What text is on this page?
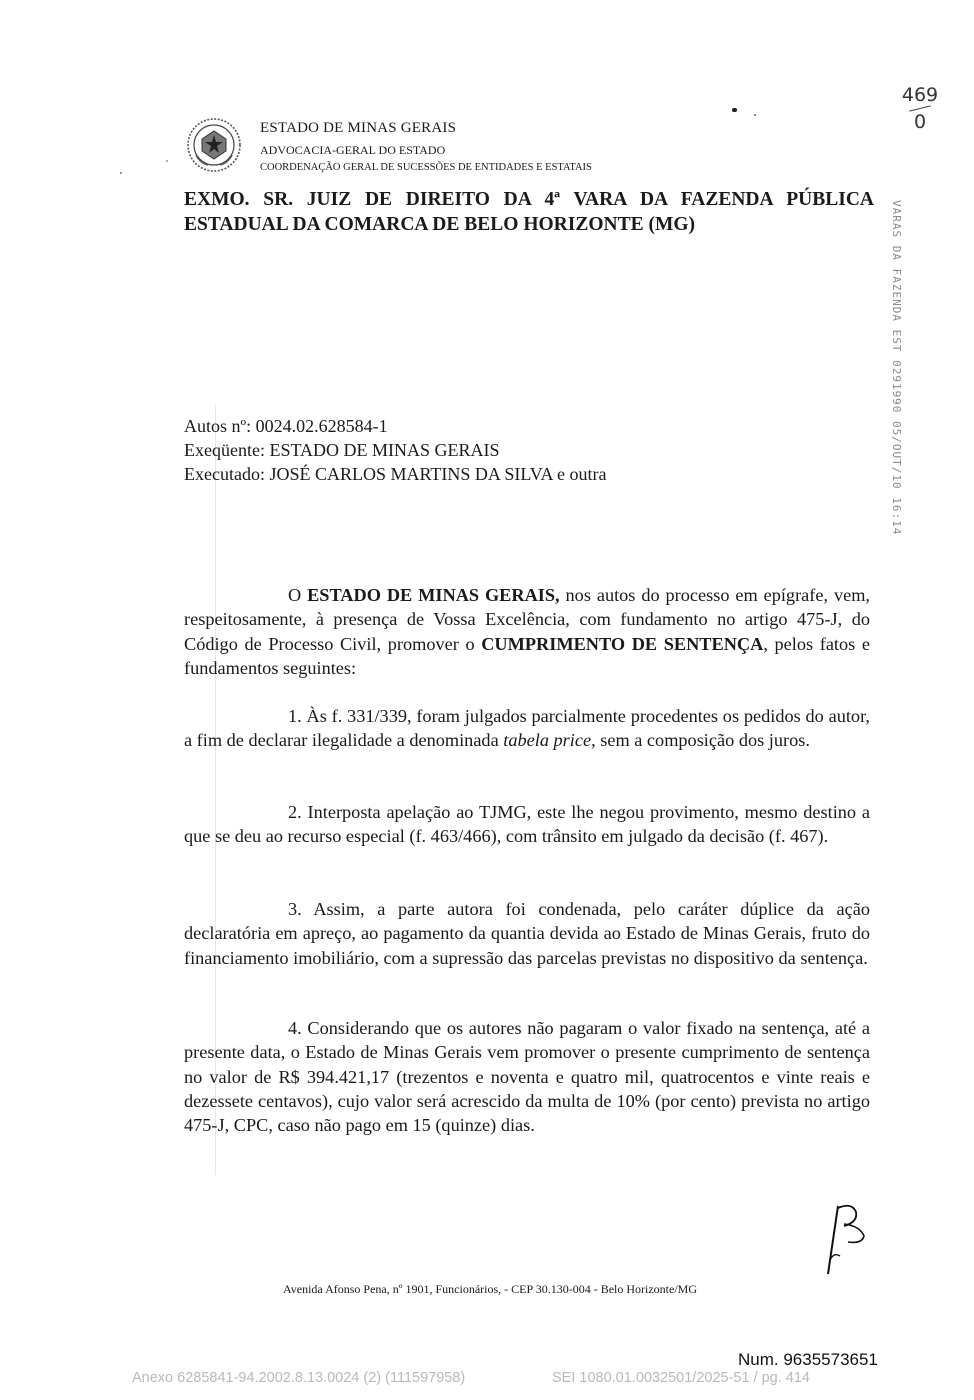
ESTADO DE MINAS GERAIS
ADVOCACIA-GERAL DO ESTADO
COORDENAÇÃO GERAL DE SUCESSÕES DE ENTIDADES E ESTATAIS
469
0
EXMO. SR. JUIZ DE DIREITO DA 4ª VARA DA FAZENDA PÚBLICA
ESTADUAL DA COMARCA DE BELO HORIZONTE (MG)	VARAS DA FAZENDA EST 0291990 05/OUT/10 16:14
Autos nº: 0024.02.628584-1
Exeqüente: ESTADO DE MINAS GERAIS
Executado: JOSÉ CARLOS MARTINS DA SILVA e outra
O ESTADO DE MINAS GERAIS, nos autos do processo em epígrafe, vem, respeitosamente, à presença de Vossa Excelência, com fundamento no artigo 475-J, do Código de Processo Civil, promover o CUMPRIMENTO DE SENTENÇA, pelos fatos e fundamentos seguintes:
1. Às f. 331/339, foram julgados parcialmente procedentes os pedidos do autor, a fim de declarar ilegalidade a denominada tabela price, sem a composição dos juros.
2. Interposta apelação ao TJMG, este lhe negou provimento, mesmo destino a que se deu ao recurso especial (f. 463/466), com trânsito em julgado da decisão (f. 467).
3. Assim, a parte autora foi condenada, pelo caráter dúplice da ação declaratória em apreço, ao pagamento da quantia devida ao Estado de Minas Gerais, fruto do financiamento imobiliário, com a supressão das parcelas previstas no dispositivo da sentença.
4. Considerando que os autores não pagaram o valor fixado na sentença, até a presente data, o Estado de Minas Gerais vem promover o presente cumprimento de sentença no valor de R$ 394.421,17 (trezentos e noventa e quatro mil, quatrocentos e vinte reais e dezessete centavos), cujo valor será acrescido da multa de 10% (por cento) prevista no artigo 475-J, CPC, caso não pago em 15 (quinze) dias.
Avenida Afonso Pena, nº 1901, Funcionários, - CEP 30.130-004 - Belo Horizonte/MG
Num. 9635573651
Anexo 6285841-94.2002.8.13.0024 (2) (111597958)	SEI 1080.01.0032501/2025-51 / pg. 414
